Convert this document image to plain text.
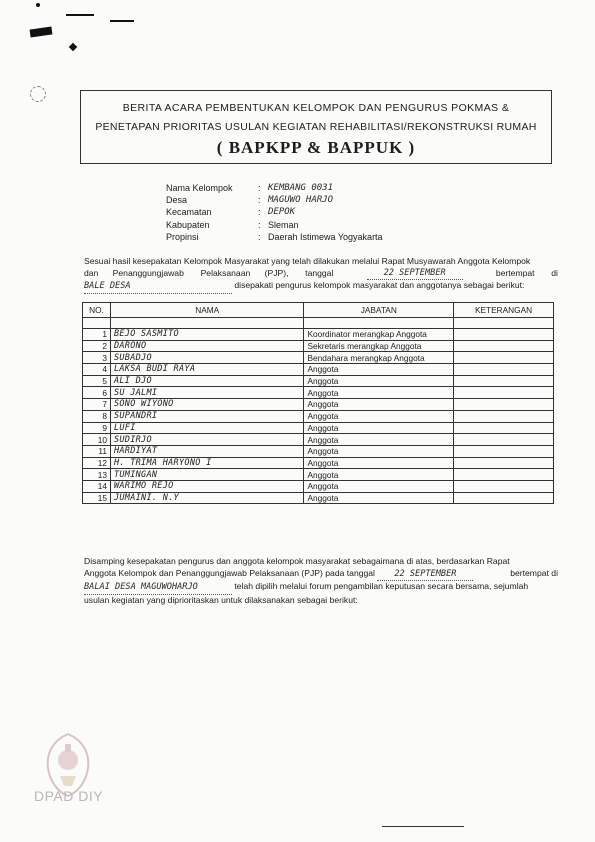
BERITA ACARA PEMBENTUKAN KELOMPOK DAN PENGURUS POKMAS &
PENETAPAN PRIORITAS USULAN KEGIATAN REHABILITASI/REKONSTRUKSI RUMAH
( BAPKPP & BAPPUK )
Nama Kelompok	: KEMBANG 0031
Desa	: MAGUWO HARJO
Kecamatan	: DEPOK
Kabupaten	: Sleman
Propinsi	: Daerah Istimewa Yogyakarta
Sesuai hasil kesepakatan Kelompok Masyarakat yang telah dilakukan melalui Rapat Musyawarah Anggota Kelompok
dan      Penanggungjawab       Pelaksanaan      (PJP),       tanggal	22 SEPTEMBER	bertempat       di
BALE DESA	disepakati pengurus kelompok masyarakat dan anggotanya sebagai berikut:
NO.	NAMA	JABATAN	KETERANGAN

1	BEJO SASMITO	Koordinator merangkap Anggota	
2	DARONO	Sekretaris merangkap Anggota	
3	SUBADJO	Bendahara merangkap Anggota	
4	LAKSA BUDI RAYA	Anggota	
5	ALI DJO	Anggota	
6	SU JALMI	Anggota	
7	SONO WIYONO	Anggota	
8	SUPANDRI	Anggota	
9	LUFI	Anggota	
10	SUDIRJO	Anggota	
11	HARDIYAT	Anggota	
12	H. TRIMA HARYONO I	Anggota	
13	TUMINGAN	Anggota	
14	WARIMO REJO	Anggota	
15	JUMAINI. N.Y	Anggota	
Disamping kesepakatan pengurus dan anggota kelompok masyarakat sebagaimana di atas, berdasarkan Rapat
Anggota Kelompok dan Penanggungjawab Pelaksanaan (PJP) pada tanggal 22 SEPTEMBER	bertempat di
BALAI DESA MAGUWOHARJO	telah dipilih melalui forum pengambilan keputusan secara bersama, sejumlah
usulan kegiatan yang diprioritaskan untuk dilaksanakan sebagai berikut:
DPAD DIY
